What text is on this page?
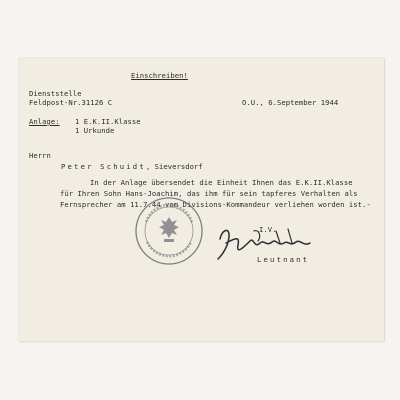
Einschreiben!
Dienststelle
Feldpost-Nr.31126 C	O.U., 6.September 1944
Anlage: 1 E.K.II.Klasse
1 Urkunde
Herrn
Peter Schuidt, Sieversdorf
In der Anlage übersendet die Einheit Ihnen das E.K.II.Klasse
für Ihren Sohn Hans-Joachim, das ihm für sein tapferes Verhalten als
Fernsprecher am 11.7.44 vom Divisions-Kommandeur verliehen worden ist.-
I.V.
Leutnant
